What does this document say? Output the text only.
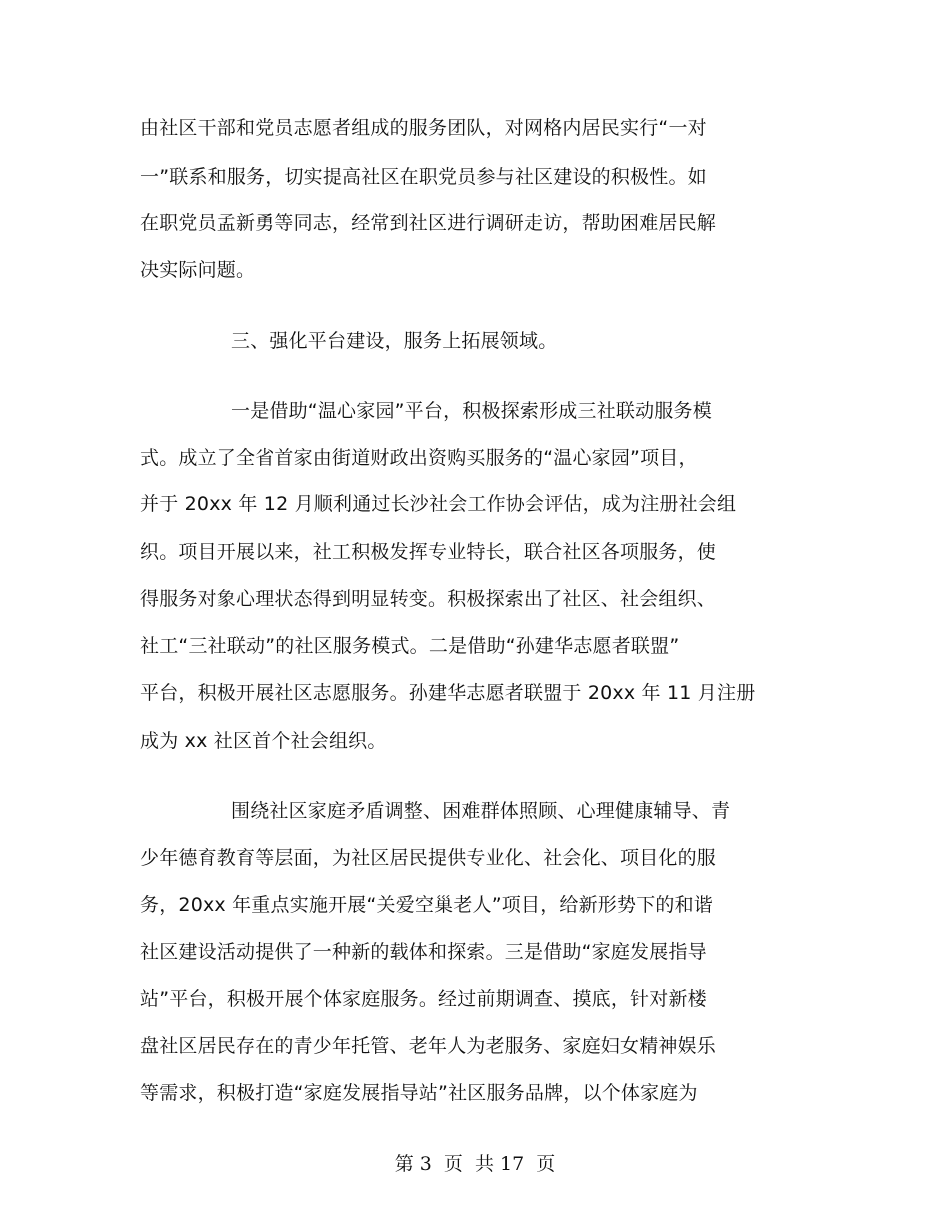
由社区干部和党员志愿者组成的服务团队，对网格内居民实行“一对
一”联系和服务，切实提高社区在职党员参与社区建设的积极性。如
在职党员孟新勇等同志，经常到社区进行调研走访，帮助困难居民解
决实际问题。
三、强化平台建设，服务上拓展领域。
一是借助“温心家园”平台，积极探索形成三社联动服务模
式。成立了全省首家由街道财政出资购买服务的“温心家园”项目，
并于 20xx 年 12 月顺利通过长沙社会工作协会评估，成为注册社会组
织。项目开展以来，社工积极发挥专业特长，联合社区各项服务，使
得服务对象心理状态得到明显转变。积极探索出了社区、社会组织、
社工“三社联动”的社区服务模式。二是借助“孙建华志愿者联盟”
平台，积极开展社区志愿服务。孙建华志愿者联盟于 20xx 年 11 月注册
成为 xx 社区首个社会组织。
围绕社区家庭矛盾调整、困难群体照顾、心理健康辅导、青
少年德育教育等层面，为社区居民提供专业化、社会化、项目化的服
务，20xx 年重点实施开展“关爱空巢老人”项目，给新形势下的和谐
社区建设活动提供了一种新的载体和探索。三是借助“家庭发展指导
站”平台，积极开展个体家庭服务。经过前期调查、摸底，针对新楼
盘社区居民存在的青少年托管、老年人为老服务、家庭妇女精神娱乐
等需求，积极打造“家庭发展指导站”社区服务品牌，以个体家庭为
第 3  页  共 17  页
